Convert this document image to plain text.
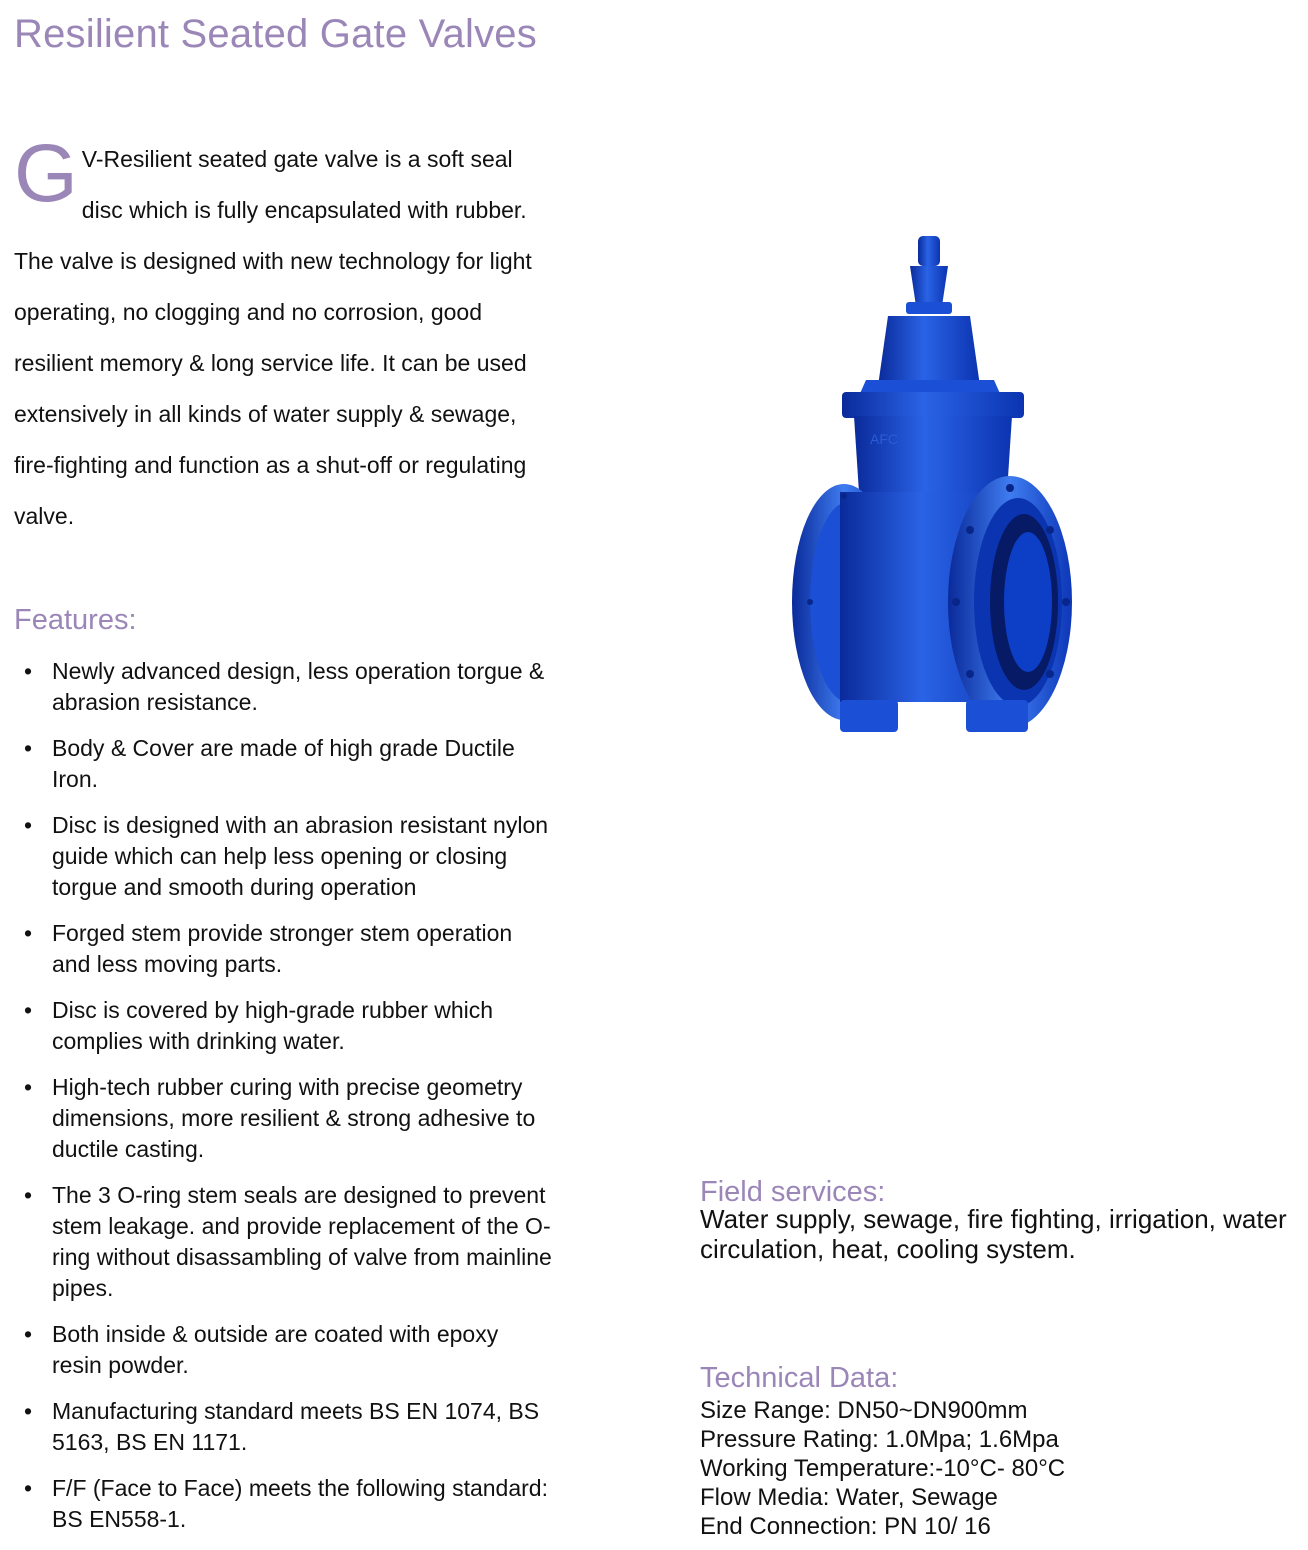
Resilient Seated Gate Valves

G V-Resilient seated gate valve is a soft seal disc which is fully encapsulated with rubber. The valve is designed with new technology for light operating, no clogging and no corrosion, good resilient memory & long service life. It can be used extensively in all kinds of water supply & sewage, fire-fighting and function as a shut-off or regulating valve.

Features:
• Newly advanced design, less operation torgue & abrasion resistance.
• Body & Cover are made of high grade Ductile Iron.
• Disc is designed with an abrasion resistant nylon guide which can help less opening or closing torgue and smooth during operation
• Forged stem provide stronger stem operation and less moving parts.
• Disc is covered by high-grade rubber which complies with drinking water.
• High-tech rubber curing with precise geometry dimensions, more resilient & strong adhesive to ductile casting.
• The 3 O-ring stem seals are designed to prevent stem leakage. and provide replacement of the O-ring without disassambling of valve from mainline pipes.
• Both inside & outside are coated with epoxy resin powder.
• Manufacturing standard meets BS EN 1074, BS 5163, BS EN 1171.
• F/F (Face to Face) meets the following standard: BS EN558-1.
AFC
Field services:

Water supply, sewage, fire fighting, irrigation, water circulation, heat, cooling system.

Technical Data:
Size Range: DN50~DN900mm
Pressure Rating: 1.0Mpa; 1.6Mpa
Working Temperature:-10°C- 80°C
Flow Media: Water, Sewage
End Connection: PN 10/ 16
